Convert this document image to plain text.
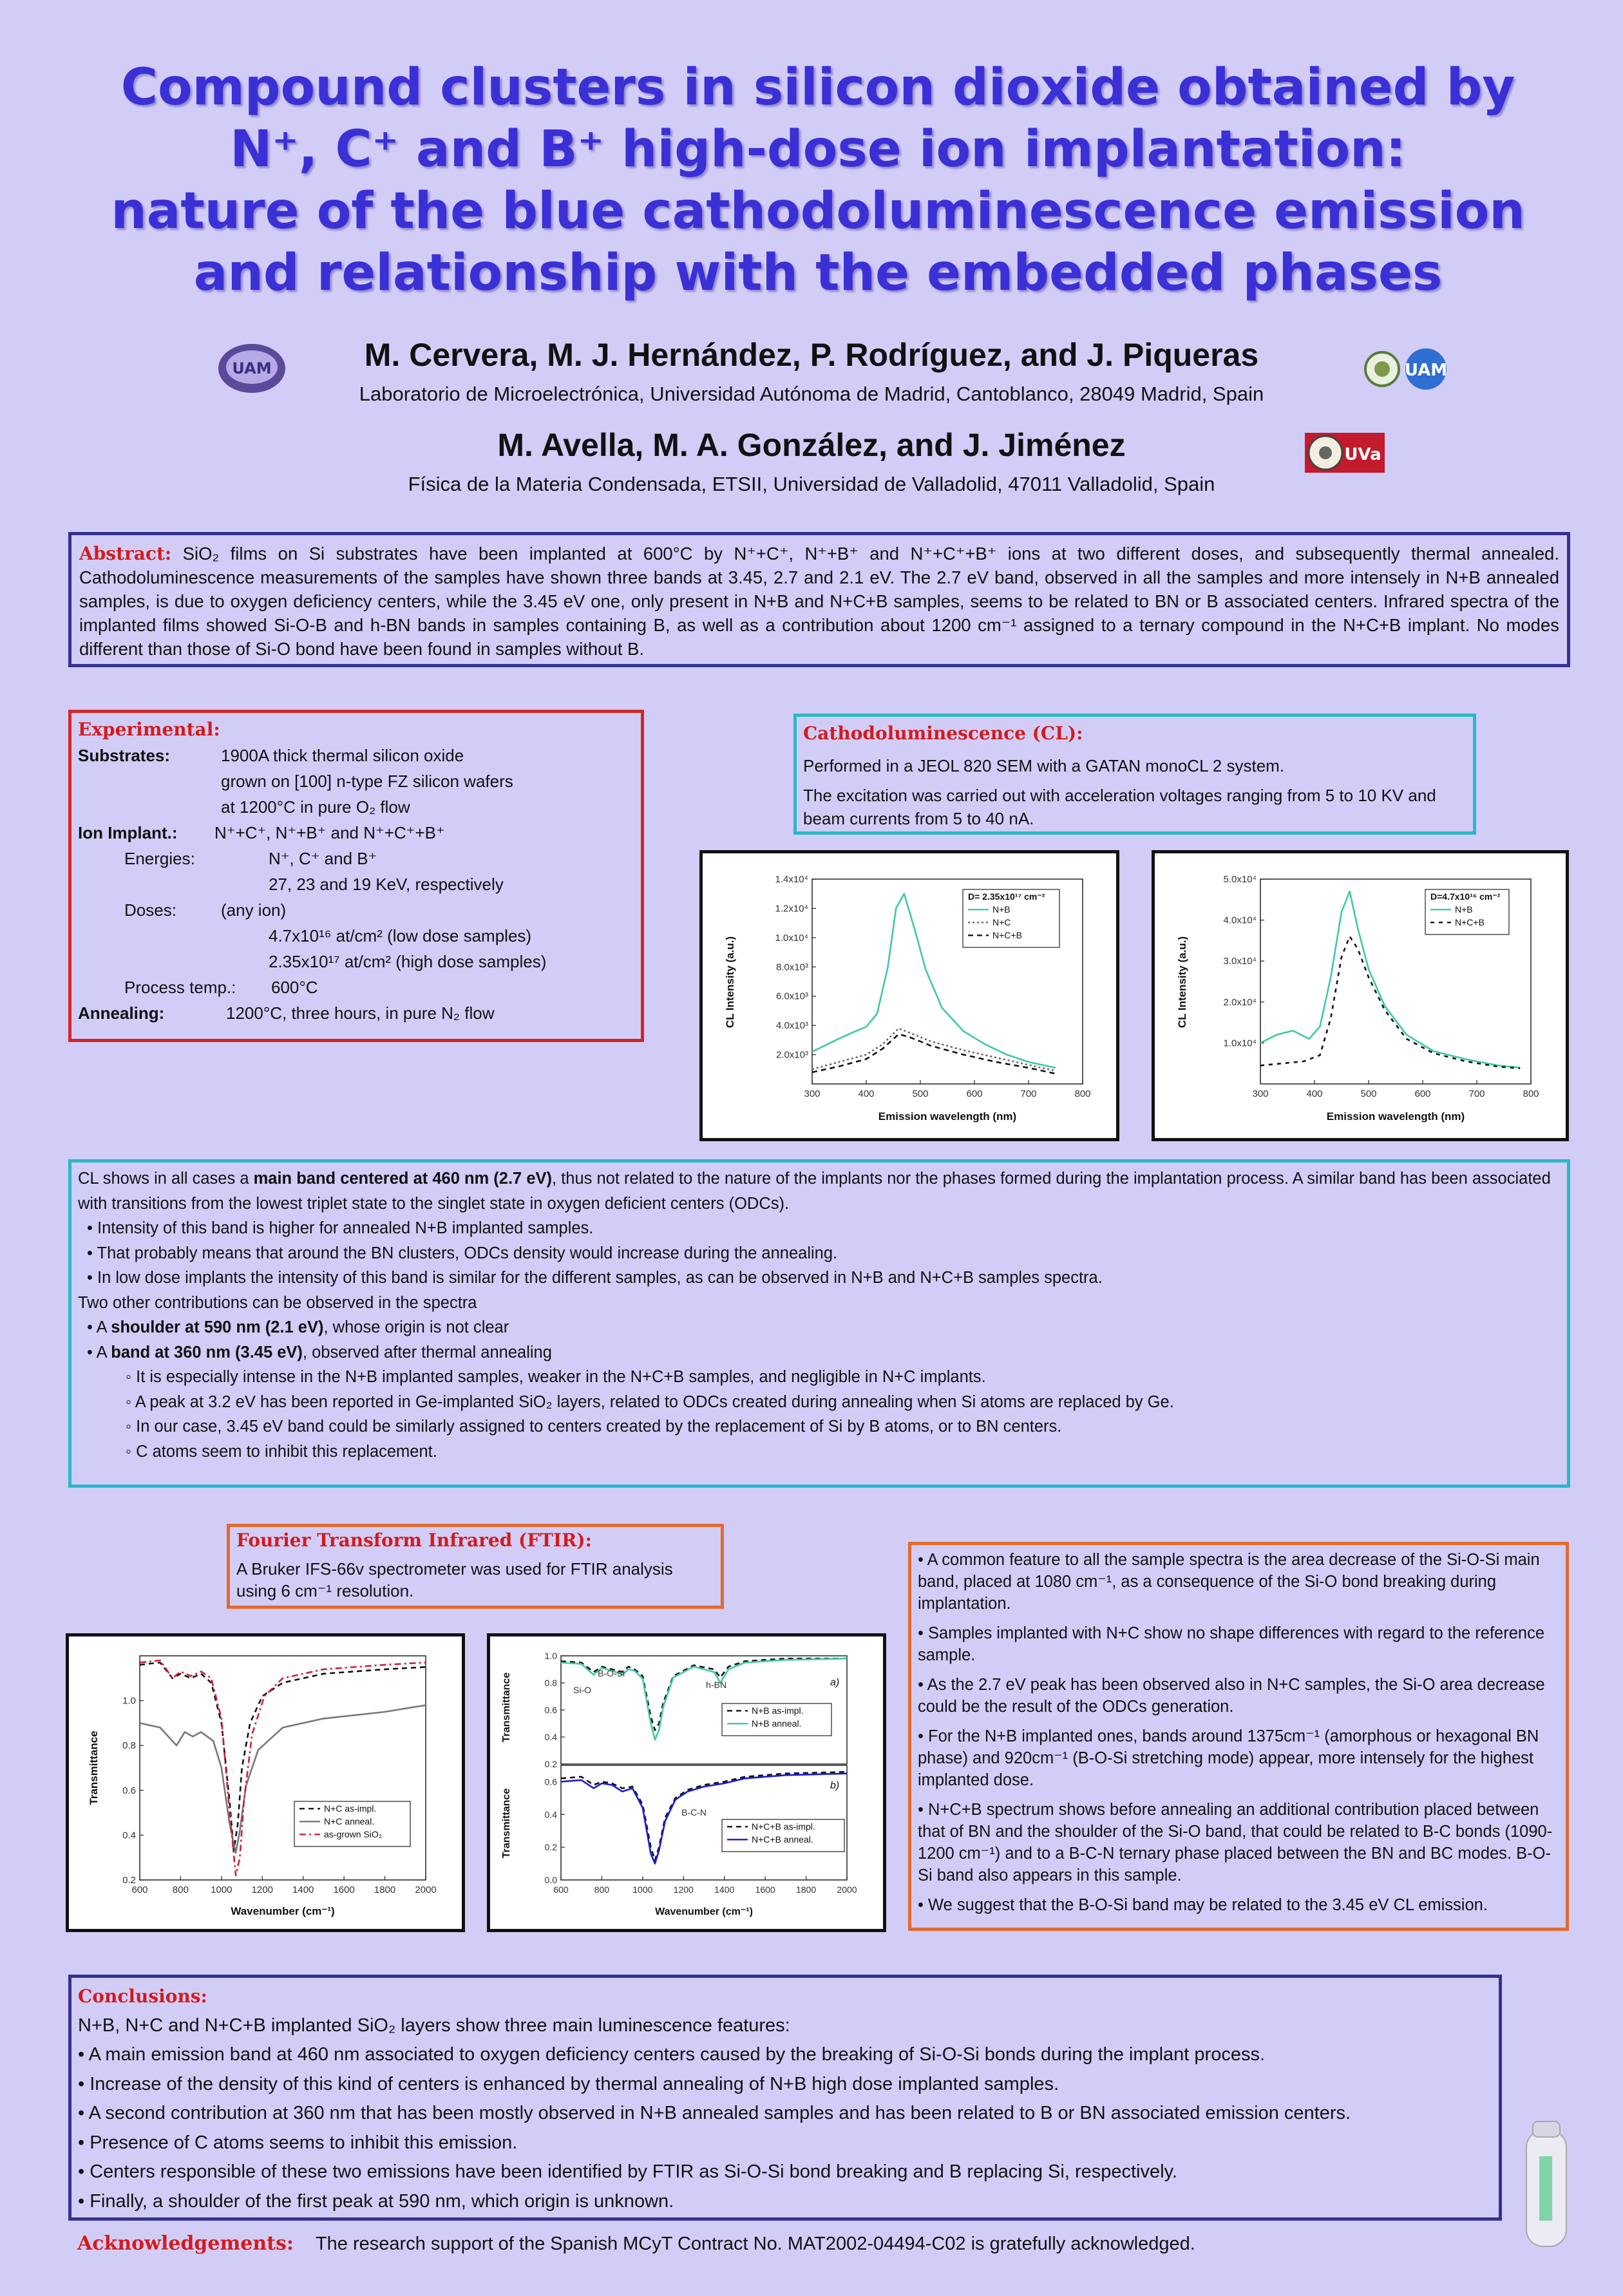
Compound clusters in silicon dioxide obtained by
N⁺, C⁺ and B⁺ high-dose ion implantation:
nature of the blue cathodoluminescence emission
and relationship with the embedded phases
UAM	UAM
UVa
M. Cervera, M. J. Hernández, P. Rodríguez, and J. Piqueras
Laboratorio de Microelectrónica, Universidad Autónoma de Madrid, Cantoblanco, 28049 Madrid, Spain
M. Avella, M. A. González, and J. Jiménez
Física de la Materia Condensada, ETSII, Universidad de Valladolid, 47011 Valladolid, Spain
Abstract: SiO₂ films on Si substrates have been implanted at 600°C by N⁺+C⁺, N⁺+B⁺ and N⁺+C⁺+B⁺ ions at two different doses, and subsequently thermal annealed. Cathodoluminescence measurements of the samples have shown three bands at 3.45, 2.7 and 2.1 eV. The 2.7 eV band, observed in all the samples and more intensely in N+B annealed samples, is due to oxygen deficiency centers, while the 3.45 eV one, only present in N+B and N+C+B samples, seems to be related to BN or B associated centers. Infrared spectra of the implanted films showed Si-O-B and h-BN bands in samples containing B, as well as a contribution about 1200 cm⁻¹ assigned to a ternary compound in the N+C+B implant. No modes different than those of Si-O bond have been found in samples without B.
Experimental:
Substrates:	1900A thick thermal silicon oxide
grown on [100] n-type FZ silicon wafers
at 1200°C in pure O₂ flow
Ion Implant.:	N⁺+C⁺, N⁺+B⁺ and N⁺+C⁺+B⁺
Energies:	N⁺, C⁺ and B⁺
27, 23 and 19 KeV, respectively
Doses:	(any ion)
4.7x10¹⁶ at/cm² (low dose samples)
2.35x10¹⁷ at/cm² (high dose samples)
Process temp.:	600°C
Annealing:	1200°C, three hours, in pure N₂ flow
Cathodoluminescence (CL):
Performed in a JEOL 820 SEM with a GATAN monoCL 2 system.
The excitation was carried out with acceleration voltages ranging from 5 to 10 KV and beam currents from 5 to 40 nA.
2.0x10³
4.0x10³
6.0x10³
8.0x10³
1.0x10⁴
1.2x10⁴
1.4x10⁴
300	400	500	600	700	800
D= 2.35x10¹⁷ cm⁻²
N+B
N+C
N+C+B
Emission wavelength (nm)
CL Intensity (a.u.)
1.0x10⁴
2.0x10⁴
3.0x10⁴
4.0x10⁴
5.0x10⁴
300	400	500	600	700	800
D=4.7x10¹⁶ cm⁻²
N+B
N+C+B
Emission wavelength (nm)
CL Intensity (a.u.)
CL shows in all cases a main band centered at 460 nm (2.7 eV), thus not related to the nature of the implants nor the phases formed during the implantation process. A similar band has been associated with transitions from the lowest triplet state to the singlet state in oxygen deficient centers (ODCs).
• Intensity of this band is higher for annealed N+B implanted samples.
• That probably means that around the BN clusters, ODCs density would increase during the annealing.
• In low dose implants the intensity of this band is similar for the different samples, as can be observed in N+B and N+C+B samples spectra.
Two other contributions can be observed in the spectra
• A shoulder at 590 nm (2.1 eV), whose origin is not clear
• A band at 360 nm (3.45 eV), observed after thermal annealing
◦ It is especially intense in the N+B implanted samples, weaker in the N+C+B samples, and negligible in N+C implants.
◦ A peak at 3.2 eV has been reported in Ge-implanted SiO₂ layers, related to ODCs created during annealing when Si atoms are replaced by Ge.
◦ In our case, 3.45 eV band could be similarly assigned to centers created by the replacement of Si by B atoms, or to BN centers.
◦ C atoms seem to inhibit this replacement.
Fourier Transform Infrared (FTIR):
A Bruker IFS-66v spectrometer was used for FTIR analysis using 6 cm⁻¹ resolution.
0.2
0.4
0.6
0.8
1.0
600	800 1000 1200 1400 1600 1800 2000
N+C as-impl.
N+C anneal.
as-grown SiO₂
Wavenumber (cm⁻¹)
Transmittance	0.2
0.4
0.6
0.8
1.0
0.0
0.2
0.4
0.6
600	800	1000 1200 1400 1600 1800 2000
a)
b)
Si-O
B-O-Si
h-BN
B-C-N
N+B as-impl.
N+B anneal.
N+C+B as-impl.
N+C+B anneal.
Wavenumber (cm⁻¹)
Transmittance
Transmittance
• A common feature to all the sample spectra is the area decrease of the Si-O-Si main band, placed at 1080 cm⁻¹, as a consequence of the Si-O bond breaking during implantation.
• Samples implanted with N+C show no shape differences with regard to the reference sample.
• As the 2.7 eV peak has been observed also in N+C samples, the Si-O area decrease could be the result of the ODCs generation.
• For the N+B implanted ones, bands around 1375cm⁻¹ (amorphous or hexagonal BN phase) and 920cm⁻¹ (B-O-Si stretching mode) appear, more intensely for the highest implanted dose.
• N+C+B spectrum shows before annealing an additional contribution placed between that of BN and the shoulder of the Si-O band, that could be related to B-C bonds (1090-1200 cm⁻¹) and to a B-C-N ternary phase placed between the BN and BC modes. B-O-Si band also appears in this sample.
• We suggest that the B-O-Si band may be related to the 3.45 eV CL emission.
Conclusions:
N+B, N+C and N+C+B implanted SiO₂ layers show three main luminescence features:
• A main emission band at 460 nm associated to oxygen deficiency centers caused by the breaking of Si-O-Si bonds during the implant process.
• Increase of the density of this kind of centers is enhanced by thermal annealing of N+B high dose implanted samples.
• A second contribution at 360 nm that has been mostly observed in N+B annealed samples and has been related to B or BN associated emission centers.
• Presence of C atoms seems to inhibit this emission.
• Centers responsible of these two emissions have been identified by FTIR as Si-O-Si bond breaking and B replacing Si, respectively.
• Finally, a shoulder of the first peak at 590 nm, which origin is unknown.
Acknowledgements: The research support of the Spanish MCyT Contract No. MAT2002-04494-C02 is gratefully acknowledged.
